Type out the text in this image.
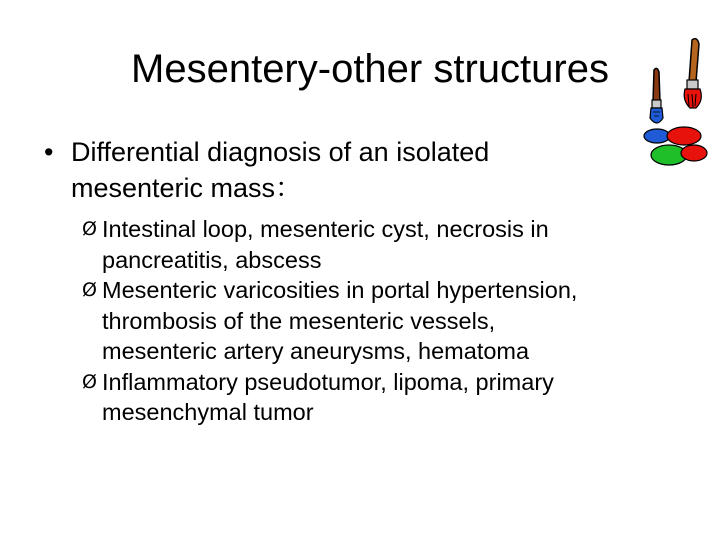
Mesentery-other structures
• Differential diagnosis of an isolated
mesenteric mass：
Ø Intestinal loop, mesenteric cyst, necrosis in
pancreatitis, abscess
Ø Mesenteric varicosities in portal hypertension,
thrombosis of the mesenteric vessels,
mesenteric artery aneurysms, hematoma
Ø Inflammatory pseudotumor, lipoma, primary
mesenchymal tumor
